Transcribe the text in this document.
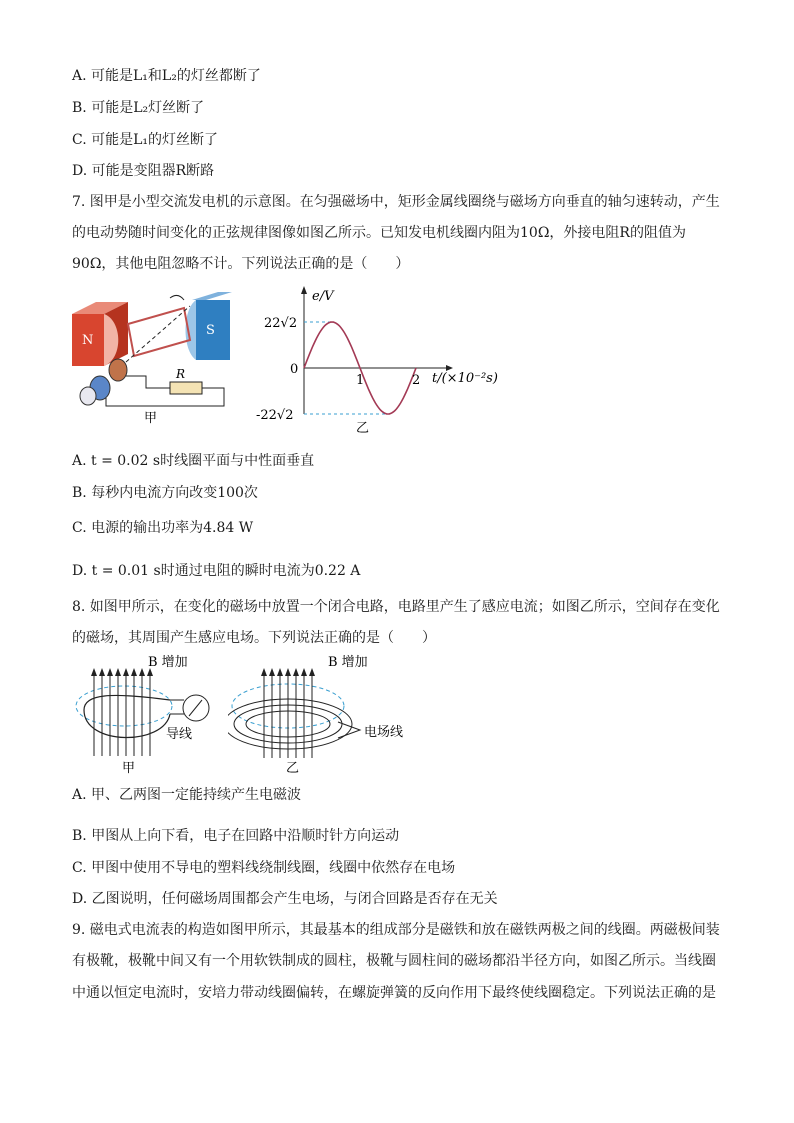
A. 可能是L₁和L₂的灯丝都断了
B. 可能是L₂灯丝断了
C. 可能是L₁的灯丝断了
D. 可能是变阻器R断路
7. 图甲是小型交流发电机的示意图。在匀强磁场中，矩形金属线圈绕与磁场方向垂直的轴匀速转动，产生
的电动势随时间变化的正弦规律图像如图乙所示。已知发电机线圈内阻为10Ω，外接电阻R的阻值为
90Ω，其他电阻忽略不计。下列说法正确的是（　　）
N
S
R
甲
0
1	2
22√2
-22√2
e/V
t/(×10⁻²s)
乙
A. t = 0.02 s时线圈平面与中性面垂直
B. 每秒内电流方向改变100次
C. 电源的输出功率为4.84 W
D. t = 0.01 s时通过电阻的瞬时电流为0.22 A
8. 如图甲所示，在变化的磁场中放置一个闭合电路，电路里产生了感应电流；如图乙所示，空间存在变化
的磁场，其周围产生感应电场。下列说法正确的是（　　）
B 增加
导线
甲
B 增加
电场线
乙
A. 甲、乙两图一定能持续产生电磁波
B. 甲图从上向下看，电子在回路中沿顺时针方向运动
C. 甲图中使用不导电的塑料线绕制线圈，线圈中依然存在电场
D. 乙图说明，任何磁场周围都会产生电场，与闭合回路是否存在无关
9. 磁电式电流表的构造如图甲所示，其最基本的组成部分是磁铁和放在磁铁两极之间的线圈。两磁极间装
有极靴，极靴中间又有一个用软铁制成的圆柱，极靴与圆柱间的磁场都沿半径方向，如图乙所示。当线圈
中通以恒定电流时，安培力带动线圈偏转，在螺旋弹簧的反向作用下最终使线圈稳定。下列说法正确的是
